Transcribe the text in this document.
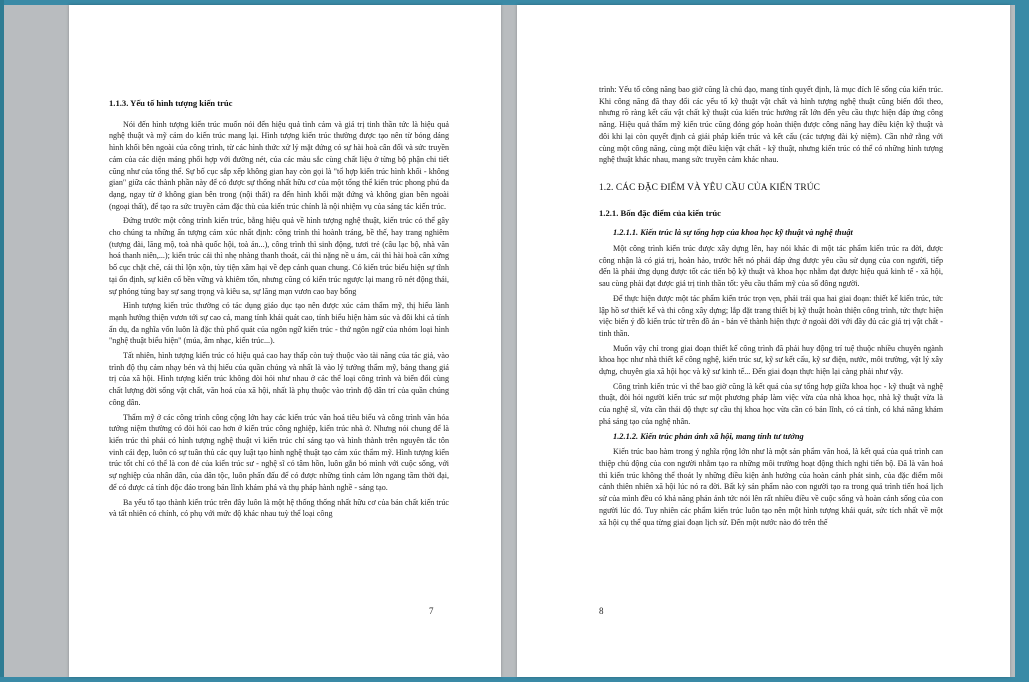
1.1.3. Yếu tố hình tượng kiến trúc

Nói đến hình tượng kiến trúc muốn nói đến hiệu quả tình cảm và giá trị tinh thần tức là hiệu quả nghệ thuật và mỹ cảm do kiến trúc mang lại. Hình tượng kiến trúc thường được tạo nên từ bóng dáng hình khối bên ngoài của công trình, từ các hình thức xử lý mặt đứng có sự hài hoà cân đối và sức truyền cảm của các diện mảng phối hợp với đường nét, của các màu sắc cùng chất liệu ở từng bộ phận chi tiết cũng như của tổng thể. Sự bố cục sắp xếp không gian hay còn gọi là "tổ hợp kiến trúc hình khối - không gian" giữa các thành phần này để có được sự thống nhất hữu cơ của một tổng thể kiến trúc phong phú đa dạng, ngay từ ở không gian bên trong (nội thất) ra đến hình khối mặt đứng và không gian bên ngoài (ngoại thất), để tạo ra sức truyền cảm đặc thù của kiến trúc chính là nội nhiệm vụ của sáng tác kiến trúc.

Đứng trước một công trình kiến trúc, bằng hiệu quả về hình tượng nghệ thuật, kiến trúc có thể gây cho chúng ta những ấn tượng cảm xúc nhất định: công trình thì hoành tráng, bề thế, hay trang nghiêm (tượng đài, lăng mộ, toà nhà quốc hội, toà án...), công trình thì sinh động, tươi trẻ (câu lạc bộ, nhà văn hoá thanh niên,...); kiến trúc cái thì nhẹ nhàng thanh thoát, cái thì nặng nề u ám, cái thì hài hoà cân xứng bố cục chặt chẽ, cái thì lộn xộn, tùy tiện xâm hại về đẹp cảnh quan chung. Có kiến trúc biểu hiện sự tĩnh tại ổn định, sự kiên cố bền vững và khiêm tốn, nhưng cũng có kiến trúc ngược lại mang rõ nét động thái, sự phóng túng bay sự sang trọng và kiêu sa, sự lăng mạn vươn cao bay bổng

Hình tượng kiến trúc thường có tác dụng giáo dục tạo nên được xúc cảm thẩm mỹ, thị hiếu lành mạnh hướng thiện vươn tới sự cao cả, mang tính khái quát cao, tính biểu hiện hàm súc và đôi khi cả tính ẩn dụ, đa nghĩa vốn luôn là đặc thù phổ quát của ngôn ngữ kiến trúc - thứ ngôn ngữ của nhóm loại hình "nghệ thuật biểu hiện" (múa, âm nhạc, kiến trúc...).

Tất nhiên, hình tượng kiến trúc có hiệu quả cao hay thấp còn tuỳ thuộc vào tài năng của tác giả, vào trình độ thụ cảm nhạy bén và thị hiếu của quần chúng và nhất là vào lý tưởng thẩm mỹ, bảng thang giá trị của xã hội. Hình tượng kiến trúc không đòi hỏi như nhau ở các thể loại công trình và biến đổi cùng chất lượng đời sống vật chất, văn hoá của xã hội, nhất là phụ thuộc vào trình độ dân trí của quần chúng công dân.

Thẩm mỹ ở các công trình công cộng lớn hay các kiến trúc văn hoá tiêu biểu và công trình văn hóa tưởng niệm thường có đòi hỏi cao hơn ở kiến trúc công nghiệp, kiến trúc nhà ở. Nhưng nói chung để là kiến trúc thì phải có hình tượng nghệ thuật vì kiến trúc chỉ sáng tạo và hình thành trên nguyên tắc tôn vinh cái đẹp, luôn có sự tuân thủ các quy luật tạo hình nghệ thuật tạo cảm xúc thẩm mỹ. Hình tượng kiến trúc tốt chỉ có thể là con đẻ của kiến trúc sư - nghệ sĩ có tâm hồn, luôn gắn bó mình với cuộc sống, với sự nghiệp của nhân dân, của dân tộc, luôn phấn đấu để có được những tình cảm lớn ngang tầm thời đại, để có được cá tính độc đáo trong bản lĩnh khám phá và thụ pháp hành nghề - sáng tạo.

Ba yếu tố tạo thành kiến trúc trên đây luôn là một hệ thống thống nhất hữu cơ của bản chất kiến trúc và tất nhiên có chính, có phụ với mức độ khác nhau tuỳ thể loại công

7

trình: Yếu tố công năng bao giờ cũng là chủ đạo, mang tính quyết định, là mục đích lẽ sống của kiến trúc. Khi công năng đã thay đổi các yếu tố kỹ thuật vật chất và hình tượng nghệ thuật cũng biến đổi theo, nhưng rõ ràng kết cấu vật chất kỹ thuật của kiến trúc hướng rất lớn đến yêu cầu thực hiện đáp ứng công năng. Hiệu quả thẩm mỹ kiến trúc cũng đóng góp hoàn thiện được công năng hay điều kiện kỹ thuật và đôi khi lại còn quyết định cả giải pháp kiến trúc và kết cấu (các tượng đài kỷ niệm). Cần nhớ rằng với cùng một công năng, cùng một điều kiện vật chất - kỹ thuật, nhưng kiến trúc có thể có những hình tượng nghệ thuật khác nhau, mang sức truyền cảm khác nhau.

1.2. CÁC ĐẶC ĐIỂM VÀ YÊU CẦU CỦA KIẾN TRÚC
1.2.1. Bốn đặc điểm của kiến trúc
1.2.1.1. Kiến trúc là sự tổng hợp của khoa học kỹ thuật và nghệ thuật

Một công trình kiến trúc được xây dựng lên, hay nói khác đi một tác phẩm kiến trúc ra đời, được công nhận là có giá trị, hoàn hảo, trước hết nó phải đáp ứng được yêu cầu sử dụng của con người, tiếp đến là phải ứng dụng được tốt các tiến bộ kỹ thuật và khoa học nhằm đạt được hiệu quả kinh tế - xã hội, sau cùng phải đạt được giá trị tinh thần tốt: yêu cầu thẩm mỹ của số đông người.

Để thực hiện được một tác phẩm kiến trúc trọn vẹn, phải trải qua hai giai đoạn: thiết kế kiến trúc, tức lập hồ sơ thiết kế và thi công xây dựng; lắp đặt trang thiết bị kỹ thuật hoàn thiện công trình, tức thực hiện việc biến ý đồ kiến trúc từ trên đồ án - bản vẽ thành hiện thực ở ngoài đời với đầy đủ các giá trị vật chất - tinh thần.

Muốn vậy chỉ trong giai đoạn thiết kế công trình đã phải huy động trí tuệ thuộc nhiều chuyên ngành khoa học như nhà thiết kế công nghệ, kiến trúc sư, kỹ sư kết cấu, kỹ sư điện, nước, môi trường, vật lý xây dựng, chuyên gia xã hội học và kỹ sư kinh tế... Đến giai đoạn thực hiện lại càng phải như vậy.

Công trình kiến trúc vì thế bao giờ cũng là kết quả của sự tổng hợp giữa khoa học - kỹ thuật và nghệ thuật, đòi hỏi người kiến trúc sư một phương pháp làm việc vừa của nhà khoa học, nhà kỹ thuật vừa là của nghệ sĩ, vừa cần thái độ thực sự cầu thị khoa học vừa cần có bản lĩnh, có cá tính, có khả năng khám phá sáng tạo của nghệ nhân.

1.2.1.2. Kiến trúc phản ánh xã hội, mang tính tư tưởng

Kiến trúc bao hàm trong ý nghĩa rộng lớn như là một sản phẩm văn hoá, là kết quả của quá trình can thiệp chủ động của con người nhằm tạo ra những môi trường hoạt động thích nghi tiến bộ. Đã là văn hoá thì kiến trúc không thể thoát ly những điều kiện ảnh hưởng của hoàn cảnh phát sinh, của đặc điểm môi cảnh thiên nhiên xã hội lúc nó ra đời. Bất kỳ sản phẩm nào con người tạo ra trong quá trình tiến hoá lịch sử của mình đều có khả năng phản ánh tức nói lên rất nhiều điều về cuộc sống và hoàn cảnh sống của con người lúc đó. Tuy nhiên các phẩm kiến trúc luôn tạo nên một hình tượng khái quát, sức tích nhất về một xã hội cụ thể qua từng giai đoạn lịch sử. Đến một nước nào đó trên thế

8
